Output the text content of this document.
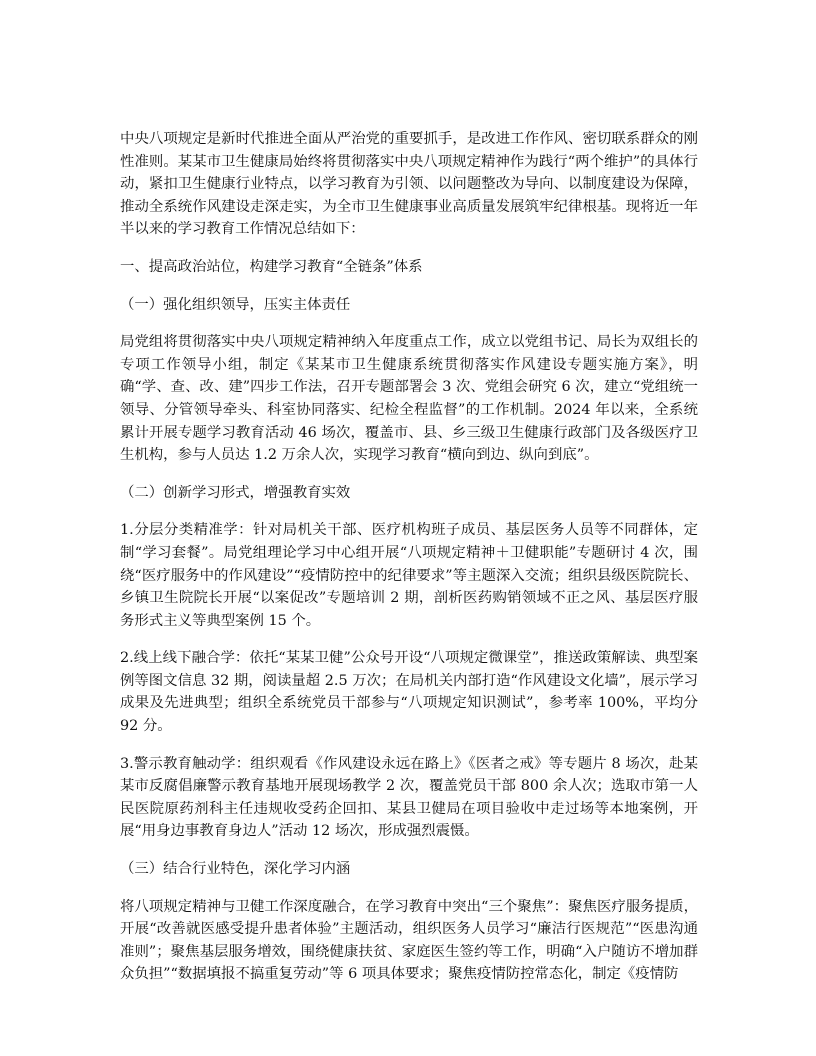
中央八项规定是新时代推进全面从严治党的重要抓手，是改进工作作风、密切联系群众的刚性准则。某某市卫生健康局始终将贯彻落实中央八项规定精神作为践行“两个维护”的具体行动，紧扣卫生健康行业特点，以学习教育为引领、以问题整改为导向、以制度建设为保障，推动全系统作风建设走深走实，为全市卫生健康事业高质量发展筑牢纪律根基。现将近一年半以来的学习教育工作情况总结如下：

一、提高政治站位，构建学习教育“全链条”体系

（一）强化组织领导，压实主体责任

局党组将贯彻落实中央八项规定精神纳入年度重点工作，成立以党组书记、局长为双组长的专项工作领导小组，制定《某某市卫生健康系统贯彻落实作风建设专题实施方案》，明确“学、查、改、建”四步工作法，召开专题部署会 3 次、党组会研究 6 次，建立“党组统一领导、分管领导牵头、科室协同落实、纪检全程监督”的工作机制。2024 年以来，全系统累计开展专题学习教育活动 46 场次，覆盖市、县、乡三级卫生健康行政部门及各级医疗卫生机构，参与人员达 1.2 万余人次，实现学习教育“横向到边、纵向到底”。

（二）创新学习形式，增强教育实效

1.分层分类精准学：针对局机关干部、医疗机构班子成员、基层医务人员等不同群体，定制“学习套餐”。局党组理论学习中心组开展“八项规定精神＋卫健职能”专题研讨 4 次，围绕“医疗服务中的作风建设”“疫情防控中的纪律要求”等主题深入交流；组织县级医院院长、乡镇卫生院院长开展“以案促改”专题培训 2 期，剖析医药购销领域不正之风、基层医疗服务形式主义等典型案例 15 个。

2.线上线下融合学：依托“某某卫健”公众号开设“八项规定微课堂”，推送政策解读、典型案例等图文信息 32 期，阅读量超 2.5 万次；在局机关内部打造“作风建设文化墙”，展示学习成果及先进典型；组织全系统党员干部参与“八项规定知识测试”，参考率 100%，平均分 92 分。

3.警示教育触动学：组织观看《作风建设永远在路上》《医者之戒》等专题片 8 场次，赴某某市反腐倡廉警示教育基地开展现场教学 2 次，覆盖党员干部 800 余人次；选取市第一人民医院原药剂科主任违规收受药企回扣、某县卫健局在项目验收中走过场等本地案例，开展“用身边事教育身边人”活动 12 场次，形成强烈震慑。

（三）结合行业特色，深化学习内涵

将八项规定精神与卫健工作深度融合，在学习教育中突出“三个聚焦”：聚焦医疗服务提质，开展“改善就医感受提升患者体验”主题活动，组织医务人员学习“廉洁行医规范”“医患沟通准则”；聚焦基层服务增效，围绕健康扶贫、家庭医生签约等工作，明确“入户随访不增加群众负担”“数据填报不搞重复劳动”等 6 项具体要求；聚焦疫情防控常态化，制定《疫情防
